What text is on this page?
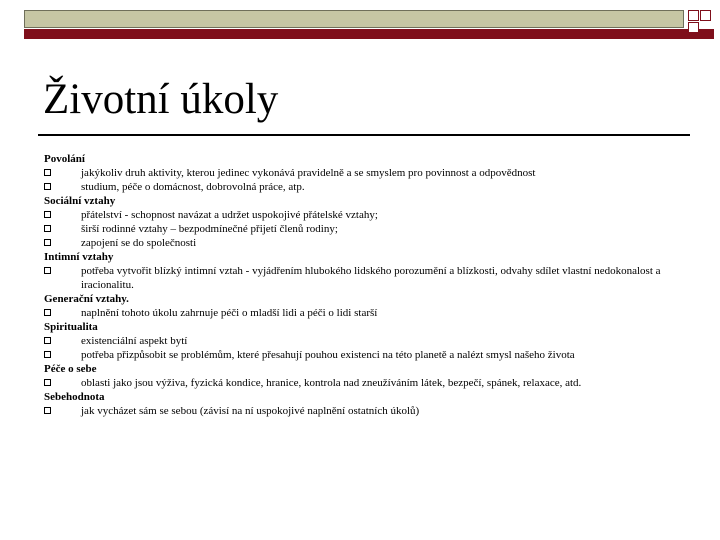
Životní úkoly
Povolání
jakýkoliv druh aktivity, kterou jedinec vykonává pravidelně a se smyslem pro povinnost a odpovědnost
studium, péče o domácnost, dobrovolná práce, atp.
Sociální vztahy
přátelství - schopnost navázat a udržet uspokojivé přátelské vztahy;
širší rodinné vztahy – bezpodmínečné přijetí členů rodiny;
zapojení se do společnosti
Intimní vztahy
potřeba vytvořit blízký intimní vztah - vyjádřením hlubokého lidského porozumění a blízkosti, odvahy sdílet vlastní nedokonalost a iracionalitu.
Generační vztahy.
naplnění tohoto úkolu zahrnuje péči o mladší lidi a péči o lidi starší
Spiritualita
existenciální aspekt bytí
potřeba přizpůsobit se problémům, které přesahují pouhou existenci na této planetě a nalézt smysl našeho života
Péče o sebe
oblasti jako jsou výživa, fyzická kondice, hranice, kontrola nad zneužíváním látek, bezpečí, spánek, relaxace, atd.
Sebehodnota
jak vycházet sám se sebou (závisí na ní uspokojivé naplnění ostatních úkolů)
